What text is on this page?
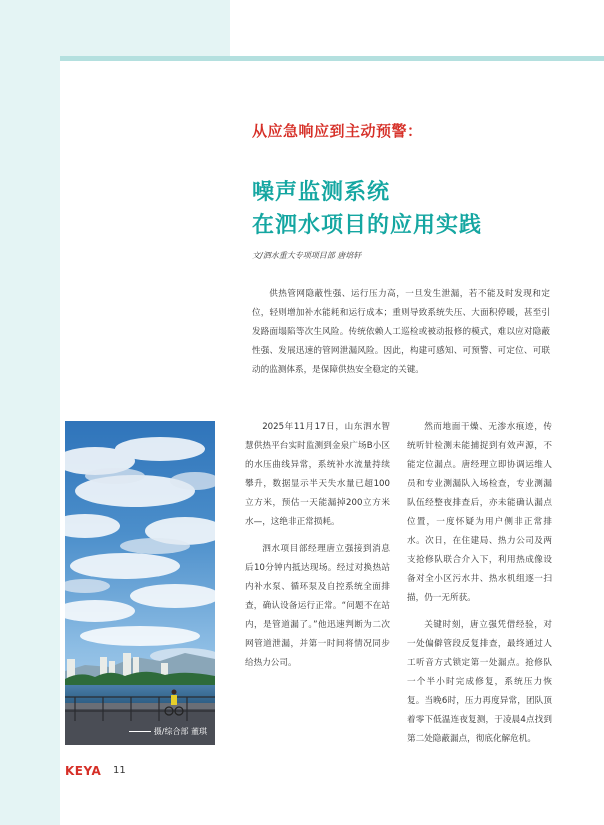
从应急响应到主动预警：
噪声监测系统
在泗水项目的应用实践
文/泗水重大专项项目部 唐培轩

供热管网隐蔽性强、运行压力高，一旦发生泄漏，若不能及时发现和定位，轻则增加补水能耗和运行成本；重则导致系统失压、大面积停暖，甚至引发路面塌陷等次生风险。传统依赖人工巡检或被动报修的模式，难以应对隐蔽性强、发展迅速的管网泄漏风险。因此，构建可感知、可预警、可定位、可联动的监测体系，是保障供热安全稳定的关键。

摄/综合部 董琪

2025年11月17日，山东泗水智慧供热平台实时监测到金泉广场B小区的水压曲线异常，系统补水流量持续攀升，数据显示半天失水量已超100立方米，预估一天能漏掉200立方米水—，这绝非正常损耗。

泗水项目部经理唐立强接到消息后10分钟内抵达现场。经过对换热站内补水泵、循环泵及自控系统全面排查，确认设备运行正常。“问题不在站内，是管道漏了。”他迅速判断为二次网管道泄漏，并第一时间将情况同步给热力公司。

然而地面干燥、无渗水痕迹，传统听针检测未能捕捉到有效声源，不能定位漏点。唐经理立即协调运维人员和专业测漏队入场检查，专业测漏队伍经整夜排查后，亦未能确认漏点位置，一度怀疑为用户侧非正常排水。次日，在住建局、热力公司及两支抢修队联合介入下，利用热成像设备对全小区污水井、热水机组逐一扫描，仍一无所获。

关键时刻，唐立强凭借经验，对一处偏僻管段反复排查，最终通过人工听音方式锁定第一处漏点。抢修队一个半小时完成修复，系统压力恢复。当晚6时，压力再度异常，团队顶着零下低温连夜复测，于凌晨4点找到第二处隐蔽漏点，彻底化解危机。

KEYA 11
